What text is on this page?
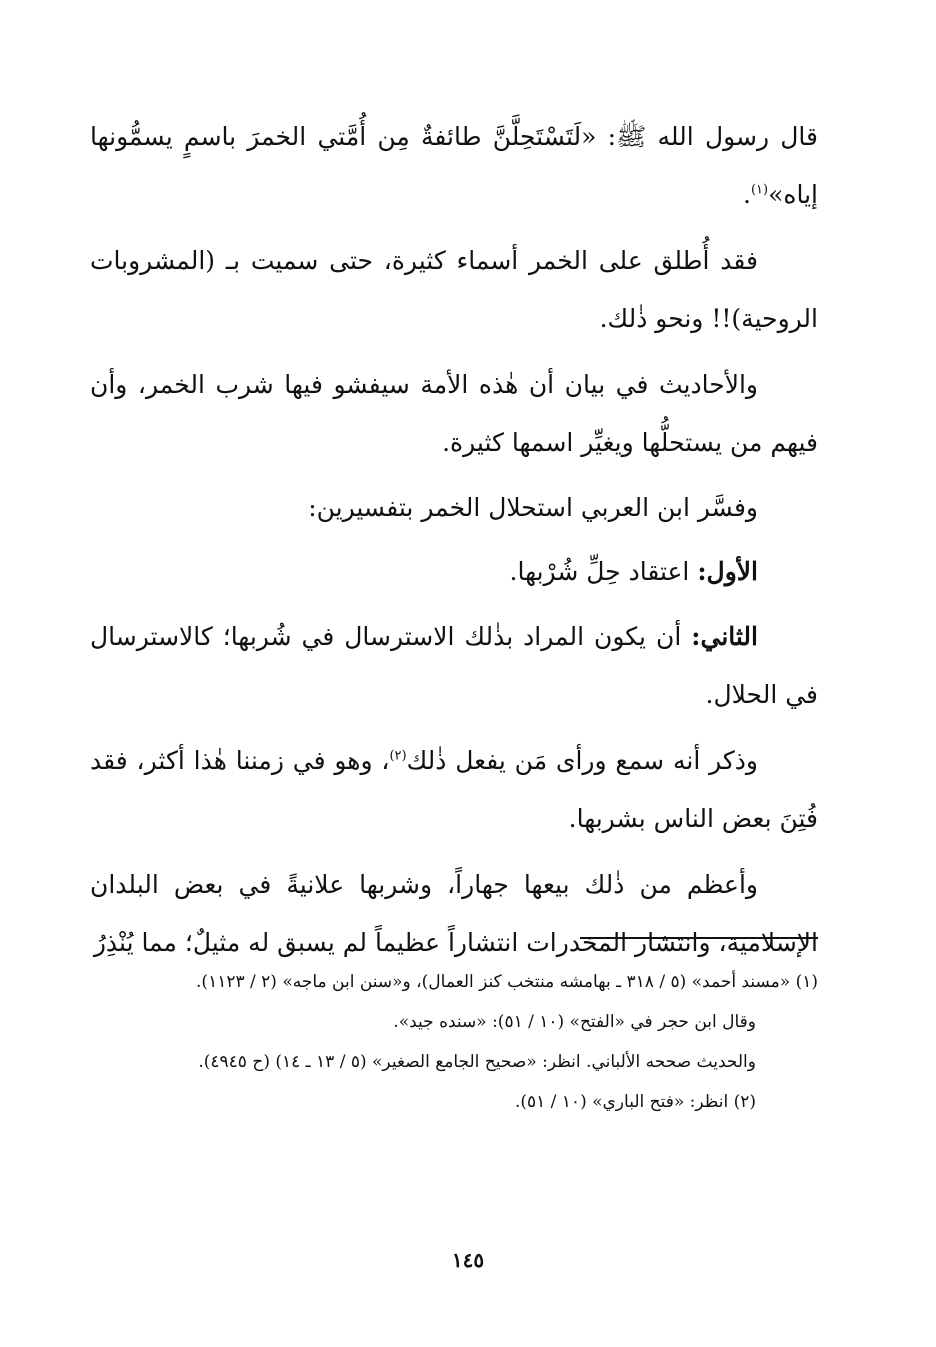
قال رسول الله ﷺ: «لَتَسْتَحِلَّنَّ طائفةٌ مِن أُمَّتي الخمرَ باسمٍ يسمُّونها إياه»$^{(١)}$.

فقد أُطلق على الخمر أسماء كثيرة، حتى سميت بـ (المشروبات الروحية)!! ونحو ذٰلك.

والأحاديث في بيان أن هٰذه الأمة سيفشو فيها شرب الخمر، وأن فيهم من يستحلُّها ويغيِّر اسمها كثيرة.

وفسَّر ابن العربي استحلال الخمر بتفسيرين:

الأول: اعتقاد حِلِّ شُرْبها.

الثاني: أن يكون المراد بذٰلك الاسترسال في شُربها؛ كالاسترسال في الحلال.

وذكر أنه سمع ورأى مَن يفعل ذٰلك$^{(٢)}$، وهو في زمننا هٰذا أكثر، فقد فُتِنَ بعض الناس بشربها.

وأعظم من ذٰلك بيعها جهاراً، وشربها علانيةً في بعض البلدان الإسلامية، وانتشار المخدرات انتشاراً عظيماً لم يسبق له مثيلٌ؛ مما يُنْذِرُ

(١) «مسند أحمد» (٥ / ٣١٨ ـ بهامشه منتخب كنز العمال)، و«سنن ابن ماجه» (٢ / ١١٢٣).

وقال ابن حجر في «الفتح» (١٠ / ٥١): «سنده جيد».

والحديث صححه الألباني. انظر: «صحيح الجامع الصغير» (٥ / ١٣ ـ ١٤) (ح ٤٩٤٥).

(٢) انظر: «فتح الباري» (١٠ / ٥١).

١٤٥
